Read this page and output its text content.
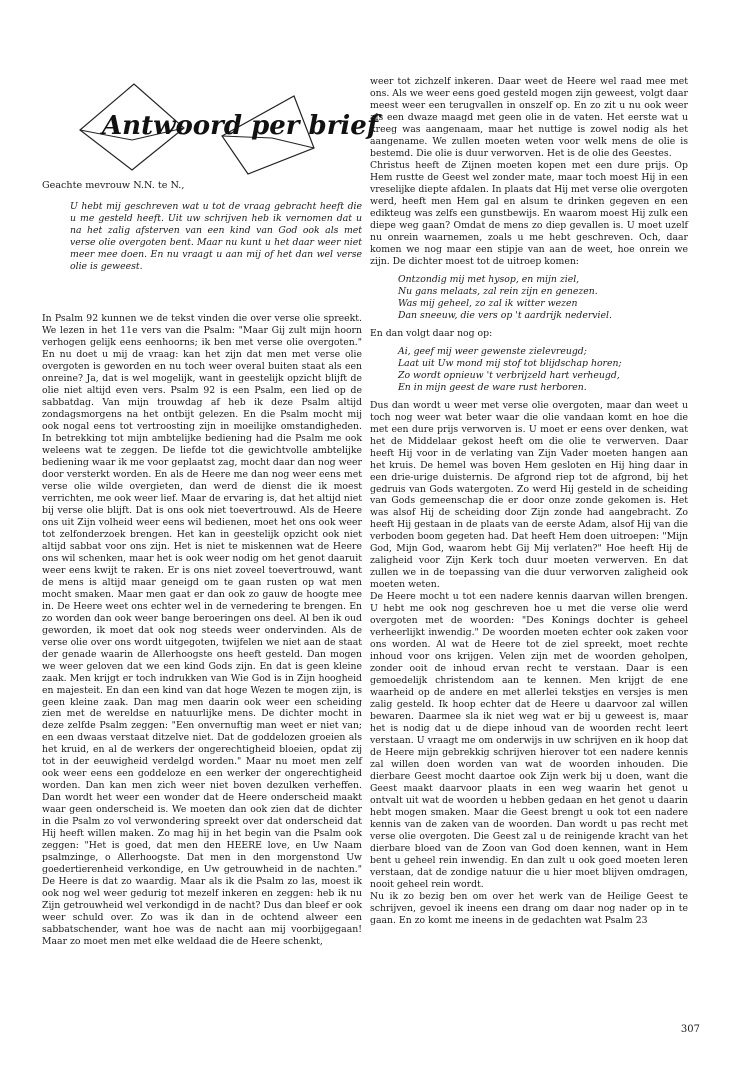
Antwoord per brief
Geachte mevrouw N.N. te N.,
U hebt mij geschreven wat u tot de vraag gebracht heeft die u me gesteld heeft. Uit uw schrijven heb ik vernomen dat u na het zalig afsterven van een kind van God ook als met verse olie overgoten bent. Maar nu kunt u het daar weer niet meer mee doen. En nu vraagt u aan mij of het dan wel verse olie is geweest.

In Psalm 92 kunnen we de tekst vinden die over verse olie spreekt. We lezen in het 11e vers van die Psalm: "Maar Gij zult mijn hoorn verhogen gelijk eens eenhoorns; ik ben met verse olie overgoten." En nu doet u mij de vraag: kan het zijn dat men met verse olie overgoten is geworden en nu toch weer overal buiten staat als een onreine? Ja, dat is wel mogelijk, want in geestelijk opzicht blijft de olie niet altijd even vers. Psalm 92 is een Psalm, een lied op de sabbatdag. Van mijn trouwdag af heb ik deze Psalm altijd zondagsmorgens na het ontbijt gelezen. En die Psalm mocht mij ook nogal eens tot vertroosting zijn in moeilijke omstandigheden. In betrekking tot mijn ambtelijke bediening had die Psalm me ook weleens wat te zeggen. De liefde tot die gewichtvolle ambtelijke bediening waar ik me voor geplaatst zag, mocht daar dan nog weer door versterkt worden. En als de Heere me dan nog weer eens met verse olie wilde overgieten, dan werd de dienst die ik moest verrichten, me ook weer lief. Maar de ervaring is, dat het altijd niet bij verse olie blijft. Dat is ons ook niet toevertrouwd. Als de Heere ons uit Zijn volheid weer eens wil bedienen, moet het ons ook weer tot zelfonderzoek brengen. Het kan in geestelijk opzicht ook niet altijd sabbat voor ons zijn. Het is niet te miskennen wat de Heere ons wil schenken, maar het is ook weer nodig om het genot daaruit weer eens kwijt te raken. Er is ons niet zoveel toevertrouwd, want de mens is altijd maar geneigd om te gaan rusten op wat men mocht smaken. Maar men gaat er dan ook zo gauw de hoogte mee in. De Heere weet ons echter wel in de vernedering te brengen. En zo worden dan ook weer bange beroeringen ons deel. Al ben ik oud geworden, ik moet dat ook nog steeds weer ondervinden. Als de verse olie over ons wordt uitgegoten, twijfelen we niet aan de staat der genade waarin de Allerhoogste ons heeft gesteld. Dan mogen we weer geloven dat we een kind Gods zijn. En dat is geen kleine zaak. Men krijgt er toch indrukken van Wie God is in Zijn hoogheid en majesteit. En dan een kind van dat hoge Wezen te mogen zijn, is geen kleine zaak. Dan mag men daarin ook weer een scheiding zien met de wereldse en natuurlijke mens. De dichter mocht in deze zelfde Psalm zeggen: "Een onvernuftig man weet er niet van; en een dwaas verstaat ditzelve niet. Dat de goddelozen groeien als het kruid, en al de werkers der ongerechtigheid bloeien, opdat zij tot in der eeuwigheid verdelgd worden." Maar nu moet men zelf ook weer eens een goddeloze en een werker der ongerechtigheid worden. Dan kan men zich weer niet boven dezulken verheffen. Dan wordt het weer een wonder dat de Heere onderscheid maakt waar geen onderscheid is. We moeten dan ook zien dat de dichter in die Psalm zo vol verwondering spreekt over dat onderscheid dat Hij heeft willen maken. Zo mag hij in het begin van die Psalm ook zeggen: "Het is goed, dat men den HEERE love, en Uw Naam psalmzinge, o Allerhoogste. Dat men in den morgenstond Uw goedertierenheid verkondige, en Uw getrouwheid in de nachten." De Heere is dat zo waardig. Maar als ik die Psalm zo las, moest ik ook nog wel weer gedurig tot mezelf inkeren en zeggen: heb ik nu Zijn getrouwheid wel verkondigd in de nacht? Dus dan bleef er ook weer schuld over. Zo was ik dan in de ochtend alweer een sabbatschender, want hoe was de nacht aan mij voorbijgegaan! Maar zo moet men met elke weldaad die de Heere schenkt,

weer tot zichzelf inkeren. Daar weet de Heere wel raad mee met ons. Als we weer eens goed gesteld mogen zijn geweest, volgt daar meest weer een terugvallen in onszelf op. En zo zit u nu ook weer als een dwaze maagd met geen olie in de vaten. Het eerste wat u kreeg was aangenaam, maar het nuttige is zowel nodig als het aangename. We zullen moeten weten voor welk mens de olie is bestemd. Die olie is duur verworven. Het is de olie des Geestes.

Christus heeft de Zijnen moeten kopen met een dure prijs. Op Hem rustte de Geest wel zonder mate, maar toch moest Hij in een vreselijke diepte afdalen. In plaats dat Hij met verse olie overgoten werd, heeft men Hem gal en alsum te drinken gegeven en een edikteug was zelfs een gunstbewijs. En waarom moest Hij zulk een diepe weg gaan? Omdat de mens zo diep gevallen is. U moet uzelf nu onrein waarnemen, zoals u me hebt geschreven. Och, daar komen we nog maar een stipje van aan de weet, hoe onrein we zijn. De dichter moest tot de uitroep komen:

Ontzondig mij met hysop, en mijn ziel,
Nu gans melaats, zal rein zijn en genezen.
Was mij geheel, zo zal ik witter wezen
Dan sneeuw, die vers op 't aardrijk nederviel.

En dan volgt daar nog op:

Ai, geef mij weer gewenste zielevreugd;
Laat uit Uw mond mij stof tot blijdschap horen;
Zo wordt opnieuw 't verbrijzeld hart verheugd,
En in mijn geest de ware rust herboren.

Dus dan wordt u weer met verse olie overgoten, maar dan weet u toch nog weer wat beter waar die olie vandaan komt en hoe die met een dure prijs verworven is. U moet er eens over denken, wat het de Middelaar gekost heeft om die olie te verwerven. Daar heeft Hij voor in de verlating van Zijn Vader moeten hangen aan het kruis. De hemel was boven Hem gesloten en Hij hing daar in een drie-urige duisternis. De afgrond riep tot de afgrond, bij het gedruis van Gods watergoten. Zo werd Hij gesteld in de scheiding van Gods gemeenschap die er door onze zonde gekomen is. Het was alsof Hij de scheiding door Zijn zonde had aangebracht. Zo heeft Hij gestaan in de plaats van de eerste Adam, alsof Hij van die verboden boom gegeten had. Dat heeft Hem doen uitroepen: "Mijn God, Mijn God, waarom hebt Gij Mij verlaten?" Hoe heeft Hij de zaligheid voor Zijn Kerk toch duur moeten verwerven. En dat zullen we in de toepassing van die duur verworven zaligheid ook moeten weten.

De Heere mocht u tot een nadere kennis daarvan willen brengen. U hebt me ook nog geschreven hoe u met die verse olie werd overgoten met de woorden: "Des Konings dochter is geheel verheerlijkt inwendig." De woorden moeten echter ook zaken voor ons worden. Al wat de Heere tot de ziel spreekt, moet rechte inhoud voor ons krijgen. Velen zijn met de woorden geholpen, zonder ooit de inhoud ervan recht te verstaan. Daar is een gemoedelijk christendom aan te kennen. Men krijgt de ene waarheid op de andere en met allerlei tekstjes en versjes is men zalig gesteld. Ik hoop echter dat de Heere u daarvoor zal willen bewaren. Daarmee sla ik niet weg wat er bij u geweest is, maar het is nodig dat u de diepe inhoud van de woorden recht leert verstaan. U vraagt me om onderwijs in uw schrijven en ik hoop dat de Heere mijn gebrekkig schrijven hierover tot een nadere kennis zal willen doen worden van wat de woorden inhouden. Die dierbare Geest mocht daartoe ook Zijn werk bij u doen, want die Geest maakt daarvoor plaats in een weg waarin het genot u ontvalt uit wat de woorden u hebben gedaan en het genot u daarin hebt mogen smaken. Maar die Geest brengt u ook tot een nadere kennis van de zaken van de woorden. Dan wordt u pas recht met verse olie overgoten. Die Geest zal u de reinigende kracht van het dierbare bloed van de Zoon van God doen kennen, want in Hem bent u geheel rein inwendig. En dan zult u ook goed moeten leren verstaan, dat de zondige natuur die u hier moet blijven omdragen, nooit geheel rein wordt.

Nu ik zo bezig ben om over het werk van de Heilige Geest te schrijven, gevoel ik ineens een drang om daar nog nader op in te gaan. En zo komt me ineens in de gedachten wat Psalm 23

307
